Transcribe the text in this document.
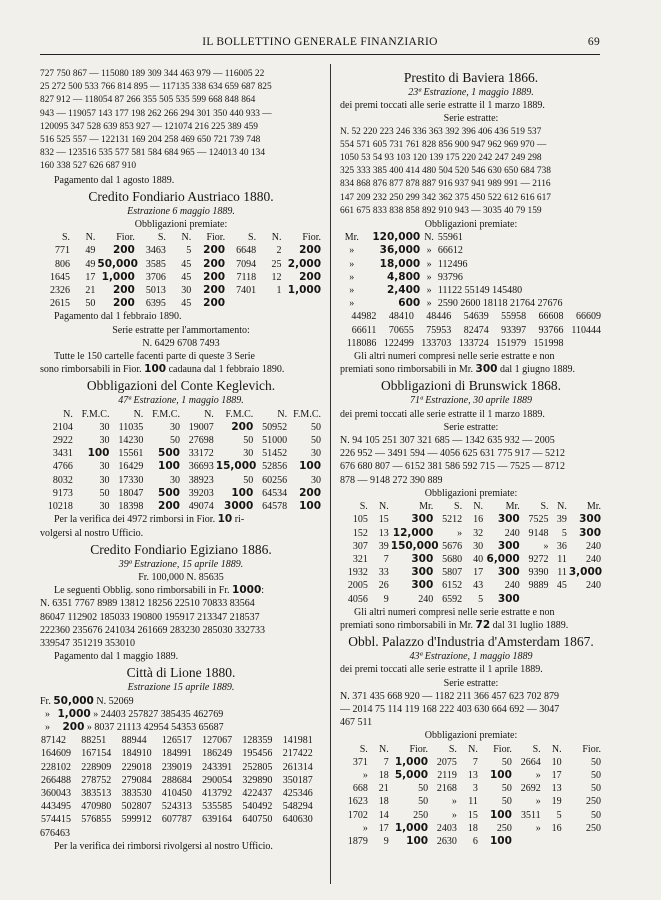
IL BOLLETTINO GENERALE FINANZIARIO	69

727 750 867 — 115080 189 309 344 463 979 — 116005 22

25 272 500 533 766 814 895 — 117135 338 634 659 687 825

827 912 — 118054 87 266 355 505 535 599 668 848 864

943 — 119057 143 177 198 262 266 294 301 350 440 933 —

120095 347 528 639 853 927 — 121074 216 225 389 459

516 525 557 — 122131 169 204 258 469 650 721 739 748

832 — 123516 535 577 581 584 684 965 — 124013 40 134

160 338 527 626 687 910

Pagamento dal 1 agosto 1889.

Credito Fondiario Austriaco 1880.

Estrazione 6 maggio 1889.

Obbligazioni premiate:

S.	N.	Fior.	S.	N.	Fior.	S.	N.	Fior.
771	49	200	3463	5	200	6648	2	200
806	49	50,000	3585	45	200	7094	25	2,000
1645	17	1,000	3706	45	200	7118	12	200
2326	21	200	5013	30	200	7401	1	1,000
2615	50	200	6395	45	200			

Pagamento dal 1 febbraio 1890.

Serie estratte per l'ammortamento:

N. 6429 6708 7493

Tutte le 150 cartelle facenti parte di queste 3 Serie

sono rimborsabili in Fior. 100 cadauna dal 1 febbraio 1890.

Obbligazioni del Conte Keglevich.

47ª Estrazione, 1 maggio 1889.

N.	F.M.C.	N.	F.M.C.	N.	F.M.C.	N.	F.M.C.
2104	30	11035	30	19007	200	50952	50
2922	30	14230	50	27698	50	51000	50
3431	100	15561	500	33172	30	51452	30
4766	30	16429	100	36693	15,000	52856	100
8032	30	17330	30	38923	50	60256	30
9173	50	18047	500	39203	100	64534	200
10218	30	18398	200	49074	3000	64578	100

Per la verifica dei 4972 rimborsi in Fior. 10 ri-

volgersi al nostro Ufficio.

Credito Fondiario Egiziano 1886.

39ª Estrazione, 15 aprile 1889.

Fr. 100,000 N. 85635

Le seguenti Obblig. sono rimborsabili in Fr. 1000:

N. 6351 7767 8989 13812 18256 22510 70833 83564

86047 112902 185033 190800 195917 213347 218537

222360 235676 241034 261669 283230 285030 332733

339547 351219 353010

Pagamento dal 1 maggio 1889.

Città di Lione 1880.

Estrazione 15 aprile 1889.

Fr. 50,000 N. 52069

» 1,000 » 24403 257827 385435 462769

» 200 » 8037 21113 42954 54353 65687

87142	88251	88944	126517	127067	128359	141981
164609	167154	184910	184991	186249	195456	217422
228102	228909	229018	239019	243391	252805	261314
266488	278752	279084	288684	290054	329890	350187
360043	383513	383530	410450	413792	422437	425346
443495	470980	502807	524313	535585	540492	548294
574415	576855	599912	607787	639164	640750	640630

676463

Per la verifica dei rimborsi rivolgersi al nostro Ufficio.

Prestito di Baviera 1866.

23ª Estrazione, 1 maggio 1889.

dei premi toccati alle serie estratte il 1 marzo 1889.

Serie estratte:

N. 52 220 223 246 336 363 392 396 406 436 519 537

554 571 605 731 761 828 856 900 947 962 969 970 —

1050 53 54 93 103 120 139 175 220 242 247 249 298

325 333 385 400 414 480 504 520 546 630 650 684 738

834 868 876 877 878 887 916 937 941 989 991 — 2116

147 209 232 250 299 342 362 375 450 522 612 616 617

661 675 833 838 858 892 910 943 — 3035 40 79 159

Obbligazioni premiate:

Mr.	120,000	N.	55961
»	36,000	»	66612
»	18,000	»	112496
»	4,800	»	93796
»	2,400	»	11122 55149 145480
»	600	»	2590 2600 18118 21764 27676
44982	48410	48446	54639	55958	66608	66609
66611	70655	75953	82474	93397	93766	110444
118086	122499	133703	133724	151979	151998	

Gli altri numeri compresi nelle serie estratte e non

premiati sono rimborsabili in Mr. 300 dal 1 giugno 1889.

Obbligazioni di Brunswick 1868.

71ª Estrazione, 30 aprile 1889

dei premi toccati alle serie estratte il 1 marzo 1889.

Serie estratte:

N. 94 105 251 307 321 685 — 1342 635 932 — 2005

226 952 — 3491 594 — 4056 625 631 775 917 — 5212

676 680 807 — 6152 381 586 592 715 — 7525 — 8712

878 — 9148 272 390 889

Obbligazioni premiate:

S.	N.	Mr.	S.	N.	Mr.	S.	N.	Mr.
105	15	300	5212	16	300	7525	39	300
152	13	12,000	»	32	240	9148	5	300
307	39	150,000	5676	30	300	»	36	240
321	7	300	5680	40	6,000	9272	11	240
1932	33	300	5807	17	300	9390	11	3,000
2005	26	300	6152	43	240	9889	45	240
4056	9	240	6592	5	300			

Gli altri numeri compresi nelle serie estratte e non

premiati sono rimborsabili in Mr. 72 dal 31 luglio 1889.

Obbl. Palazzo d'Industria d'Amsterdam 1867.

43ª Estrazione, 1 maggio 1889

dei premi toccati alle serie estratte il 1 aprile 1889.

Serie estratte:

N. 371 435 668 920 — 1182 211 366 457 623 702 879

— 2014 75 114 119 168 222 403 630 664 692 — 3047

467 511

Obbligazioni premiate:

S.	N.	Fior.	S.	N.	Fior.	S.	N.	Fior.
371	7	1,000	2075	7	50	2664	10	50
»	18	5,000	2119	13	100	»	17	50
668	21	50	2168	3	50	2692	13	50
1623	18	50	»	11	50	»	19	250
1702	14	250	»	15	100	3511	5	50
»	17	1,000	2403	18	250	»	16	250
1879	9	100	2630	6	100			
